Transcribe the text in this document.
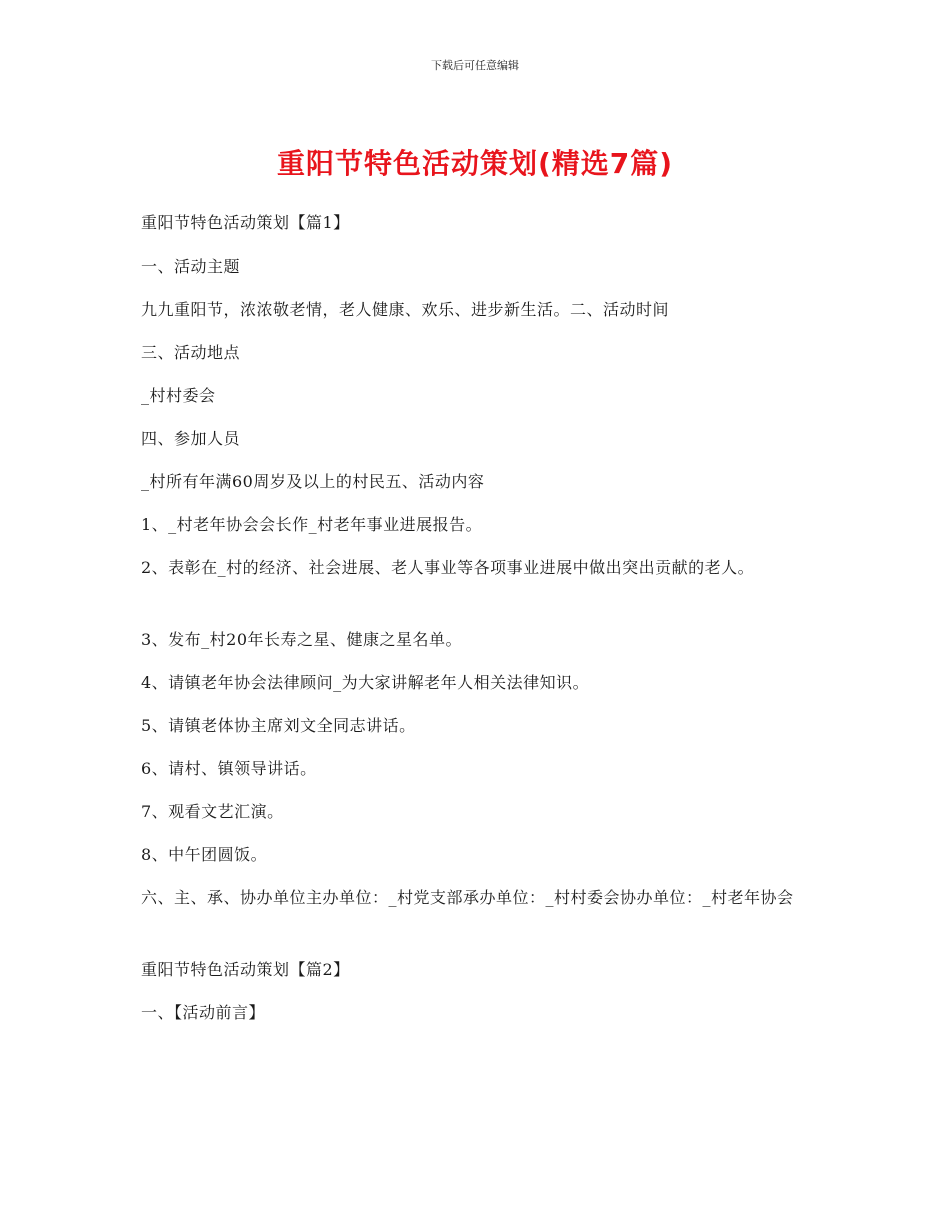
下载后可任意编辑
重阳节特色活动策划(精选7篇)

重阳节特色活动策划【篇1】

一、活动主题

九九重阳节，浓浓敬老情，老人健康、欢乐、进步新生活。二、活动时间

三、活动地点

_村村委会

四、参加人员

_村所有年满60周岁及以上的村民五、活动内容

1、_村老年协会会长作_村老年事业进展报告。

2、表彰在_村的经济、社会进展、老人事业等各项事业进展中做出突出贡献的老人。

3、发布_村20年长寿之星、健康之星名单。

4、请镇老年协会法律顾问_为大家讲解老年人相关法律知识。

5、请镇老体协主席刘文全同志讲话。

6、请村、镇领导讲话。

7、观看文艺汇演。

8、中午团圆饭。

六、主、承、协办单位主办单位：_村党支部承办单位：_村村委会协办单位：_村老年协会

重阳节特色活动策划【篇2】

一、【活动前言】
